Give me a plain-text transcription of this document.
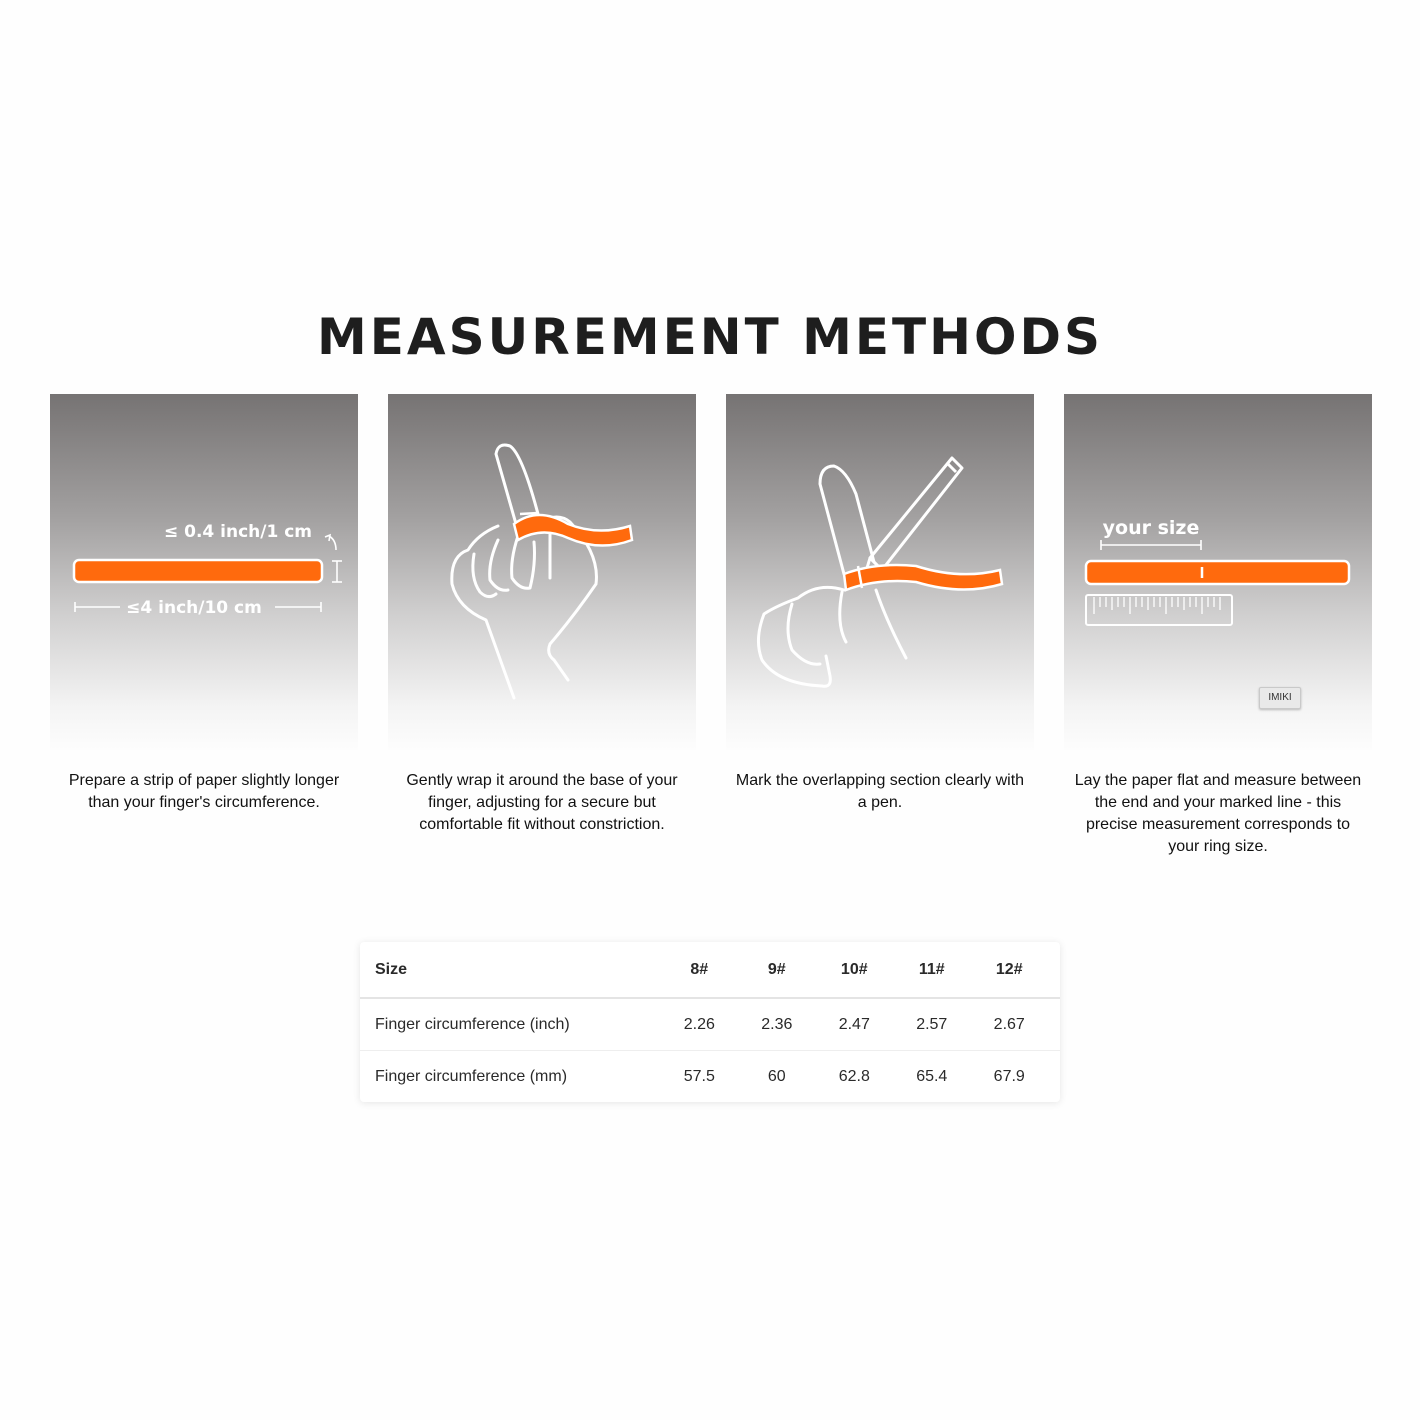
MEASUREMENT METHODS
≤ 0.4 inch/1 cm
≤4 inch/10 cm

Prepare a strip of paper slightly longer than your finger's circumference.

Gently wrap it around the base of your finger, adjusting for a secure but comfortable fit without constriction.

Mark the overlapping section clearly with a pen.

your size
IMIKI

Lay the paper flat and measure between the end and your marked line - this precise measurement corresponds to your ring size.

Size	8#	9#	10#	11#	12#
Finger circumference (inch)	2.26	2.36	2.47	2.57	2.67
Finger circumference (mm)	57.5	60	62.8	65.4	67.9
